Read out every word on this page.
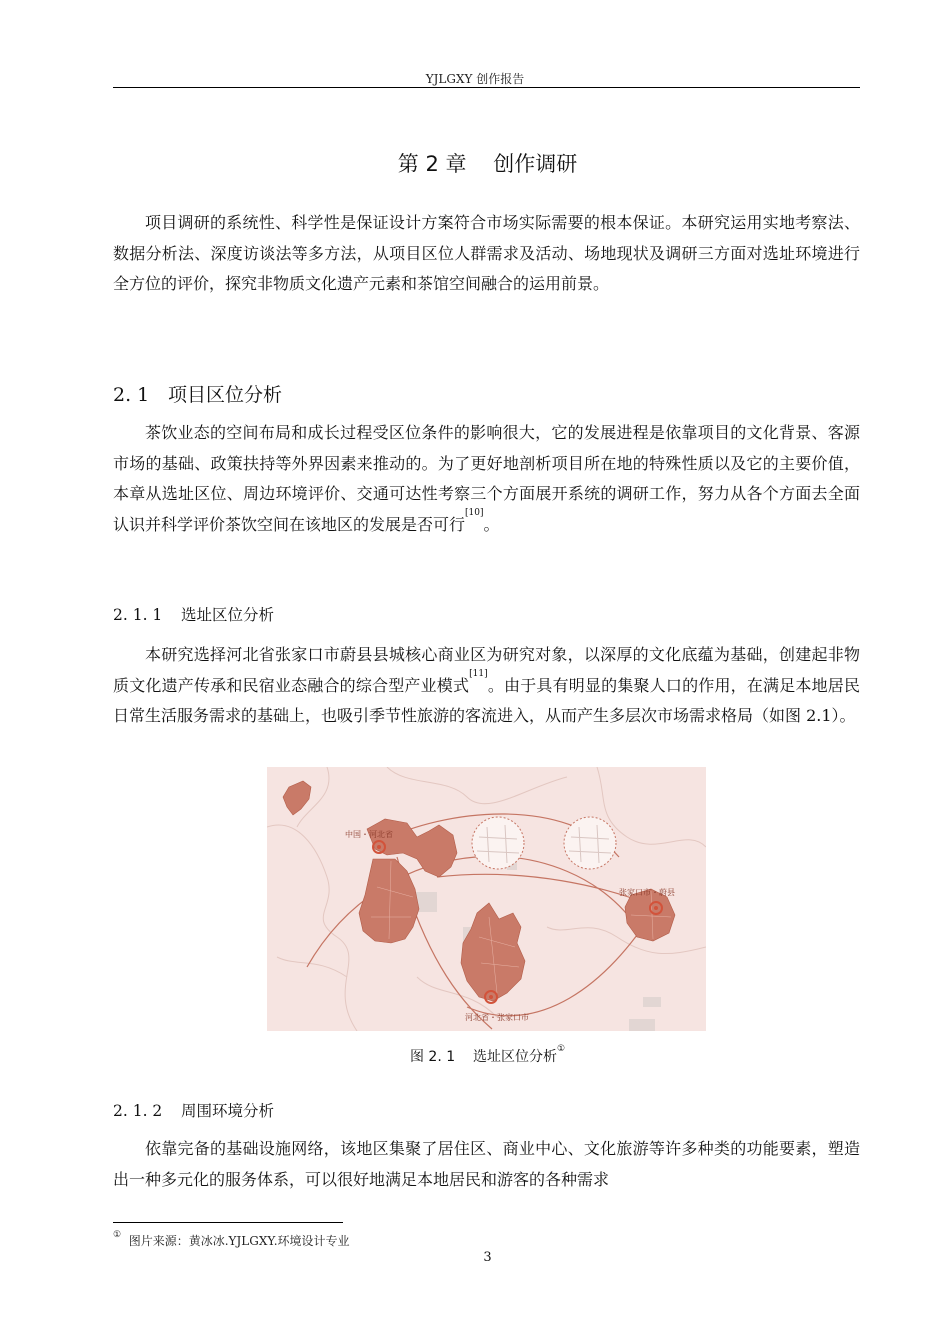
YJLGXY 创作报告
第 2 章    创作调研

项目调研的系统性、科学性是保证设计方案符合市场实际需要的根本保证。本研究运用实地考察法、数据分析法、深度访谈法等多方法，从项目区位人群需求及活动、场地现状及调研三方面对选址环境进行全方位的评价，探究非物质文化遗产元素和茶馆空间融合的运用前景。

2. 1 项目区位分析

茶饮业态的空间布局和成长过程受区位条件的影响很大，它的发展进程是依靠项目的文化背景、客源市场的基础、政策扶持等外界因素来推动的。为了更好地剖析项目所在地的特殊性质以及它的主要价值，本章从选址区位、周边环境评价、交通可达性考察三个方面展开系统的调研工作，努力从各个方面去全面认识并科学评价茶饮空间在该地区的发展是否可行[10]。

2. 1. 1 选址区位分析

本研究选择河北省张家口市蔚县县城核心商业区为研究对象，以深厚的文化底蕴为基础，创建起非物质文化遗产传承和民宿业态融合的综合型产业模式[11]。由于具有明显的集聚人口的作用，在满足本地居民日常生活服务需求的基础上，也吸引季节性旅游的客流进入，从而产生多层次市场需求格局（如图 2.1）。

中国・河北省
河北省・张家口市
张家口市・蔚县
图 2. 1 选址区位分析①
2. 1. 2 周围环境分析

依靠完备的基础设施网络，该地区集聚了居住区、商业中心、文化旅游等许多种类的功能要素，塑造出一种多元化的服务体系，可以很好地满足本地居民和游客的各种需求

① 图片来源：黄冰冰.YJLGXY.环境设计专业
3
